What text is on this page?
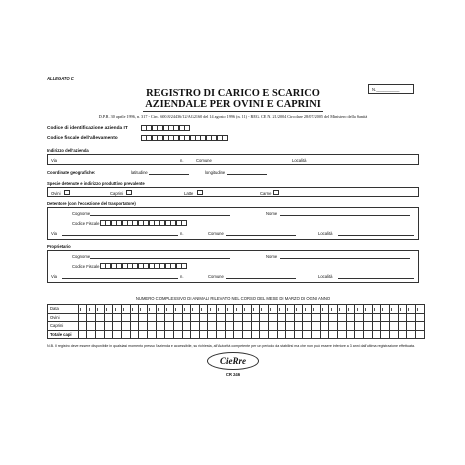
ALLEGATO C
N.__________
REGISTRO DI CARICO E SCARICO
AZIENDALE PER OVINI E CAPRINI
D.P.R. 30 aprile 1996, n. 317 - Circ. 600.8/24436/12/AG2160 del 14 agosto 1996 (n. 11) - REG. CE N. 21/2004 Circolare 28/07/2005 del Ministero della Sanità
Codice di identificazione azienda IT
Codice fiscale dell'allevamento
Indirizzo dell'azienda
Via	n.	Comune	Località
Coordinate geografiche:	latitudine	longitudine
Specie detenute e indirizzo produttivo prevalente
Ovini	Caprini	Latte	Carne
Detentore (con l'eccezione del trasportatore)
Cognome	Nome
Codice Fiscale
Via	n.	Comune	Località
Proprietario
Cognome	Nome
Codice Fiscale
Via	n.	Comune	Località
NUMERO COMPLESSIVO DI ANIMALI RILEVATO NEL CORSO DEL MESE DI MARZO DI OGNI ANNO
Data																																								
Ovini																																								
Caprini																																								
Totale capi																																								
N.B. Il registro deve essere disponibile in qualsiasi momento presso l'azienda e accessibile, su richiesta, all'Autorità competente per un periodo da stabilirsi ma che non può essere inferiore a 3 anni dall'ultima registrazione effettuata.
CieRre
CR 246
